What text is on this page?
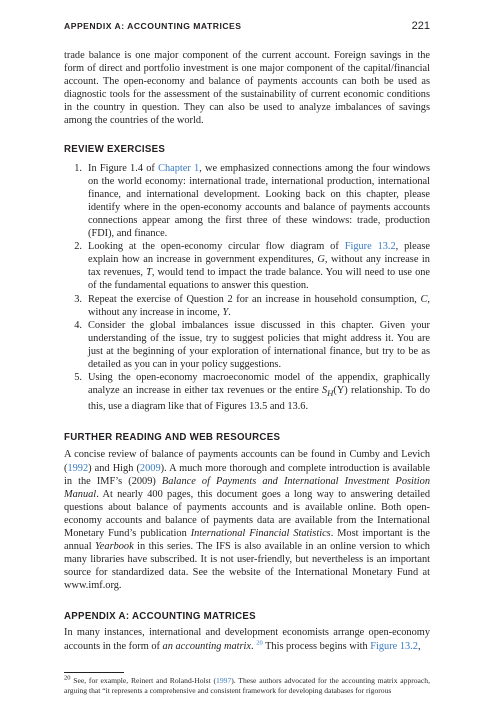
APPENDIX A: ACCOUNTING MATRICES	221

trade balance is one major component of the current account. Foreign savings in the form of direct and portfolio investment is one major component of the capital/financial account. The open-economy and balance of payments accounts can both be used as diagnostic tools for the assessment of the sustainability of current economic conditions in the country in question. They can also be used to analyze imbalances of savings among the countries of the world.

REVIEW EXERCISES
1. In Figure 1.4 of Chapter 1, we emphasized connections among the four windows on the world economy: international trade, international production, international finance, and international development. Looking back on this chapter, please identify where in the open-economy accounts and balance of payments accounts connections appear among the first three of these windows: trade, production (FDI), and finance.
2. Looking at the open-economy circular flow diagram of Figure 13.2, please explain how an increase in government expenditures, G, without any increase in tax revenues, T, would tend to impact the trade balance. You will need to use one of the fundamental equations to answer this question.
3. Repeat the exercise of Question 2 for an increase in household consumption, C, without any increase in income, Y.
4. Consider the global imbalances issue discussed in this chapter. Given your understanding of the issue, try to suggest policies that might address it. You are just at the beginning of your exploration of international finance, but try to be as detailed as you can in your policy suggestions.
5. Using the open-economy macroeconomic model of the appendix, graphically analyze an increase in either tax revenues or the entire $S_H(Y)$ relationship. To do this, use a diagram like that of Figures 13.5 and 13.6.
FURTHER READING AND WEB RESOURCES

A concise review of balance of payments accounts can be found in Cumby and Levich (1992) and High (2009). A much more thorough and complete introduction is available in the IMF’s (2009) Balance of Payments and International Investment Position Manual. At nearly 400 pages, this document goes a long way to answering detailed questions about balance of payments accounts and is available online. Both open-economy accounts and balance of payments data are available from the International Monetary Fund’s publication International Financial Statistics. Most important is the annual Yearbook in this series. The IFS is also available in an online version to which many libraries have subscribed. It is not user-friendly, but nevertheless is an important source for standardized data. See the website of the International Monetary Fund at www.imf.org.

APPENDIX A: ACCOUNTING MATRICES

In many instances, international and development economists arrange open-economy accounts in the form of an accounting matrix. $^{20}$ This process begins with Figure 13.2,

$^{20}$ See, for example, Reinert and Roland-Holst (1997). These authors advocated for the accounting matrix approach, arguing that “it represents a comprehensive and consistent framework for developing databases for rigorous
